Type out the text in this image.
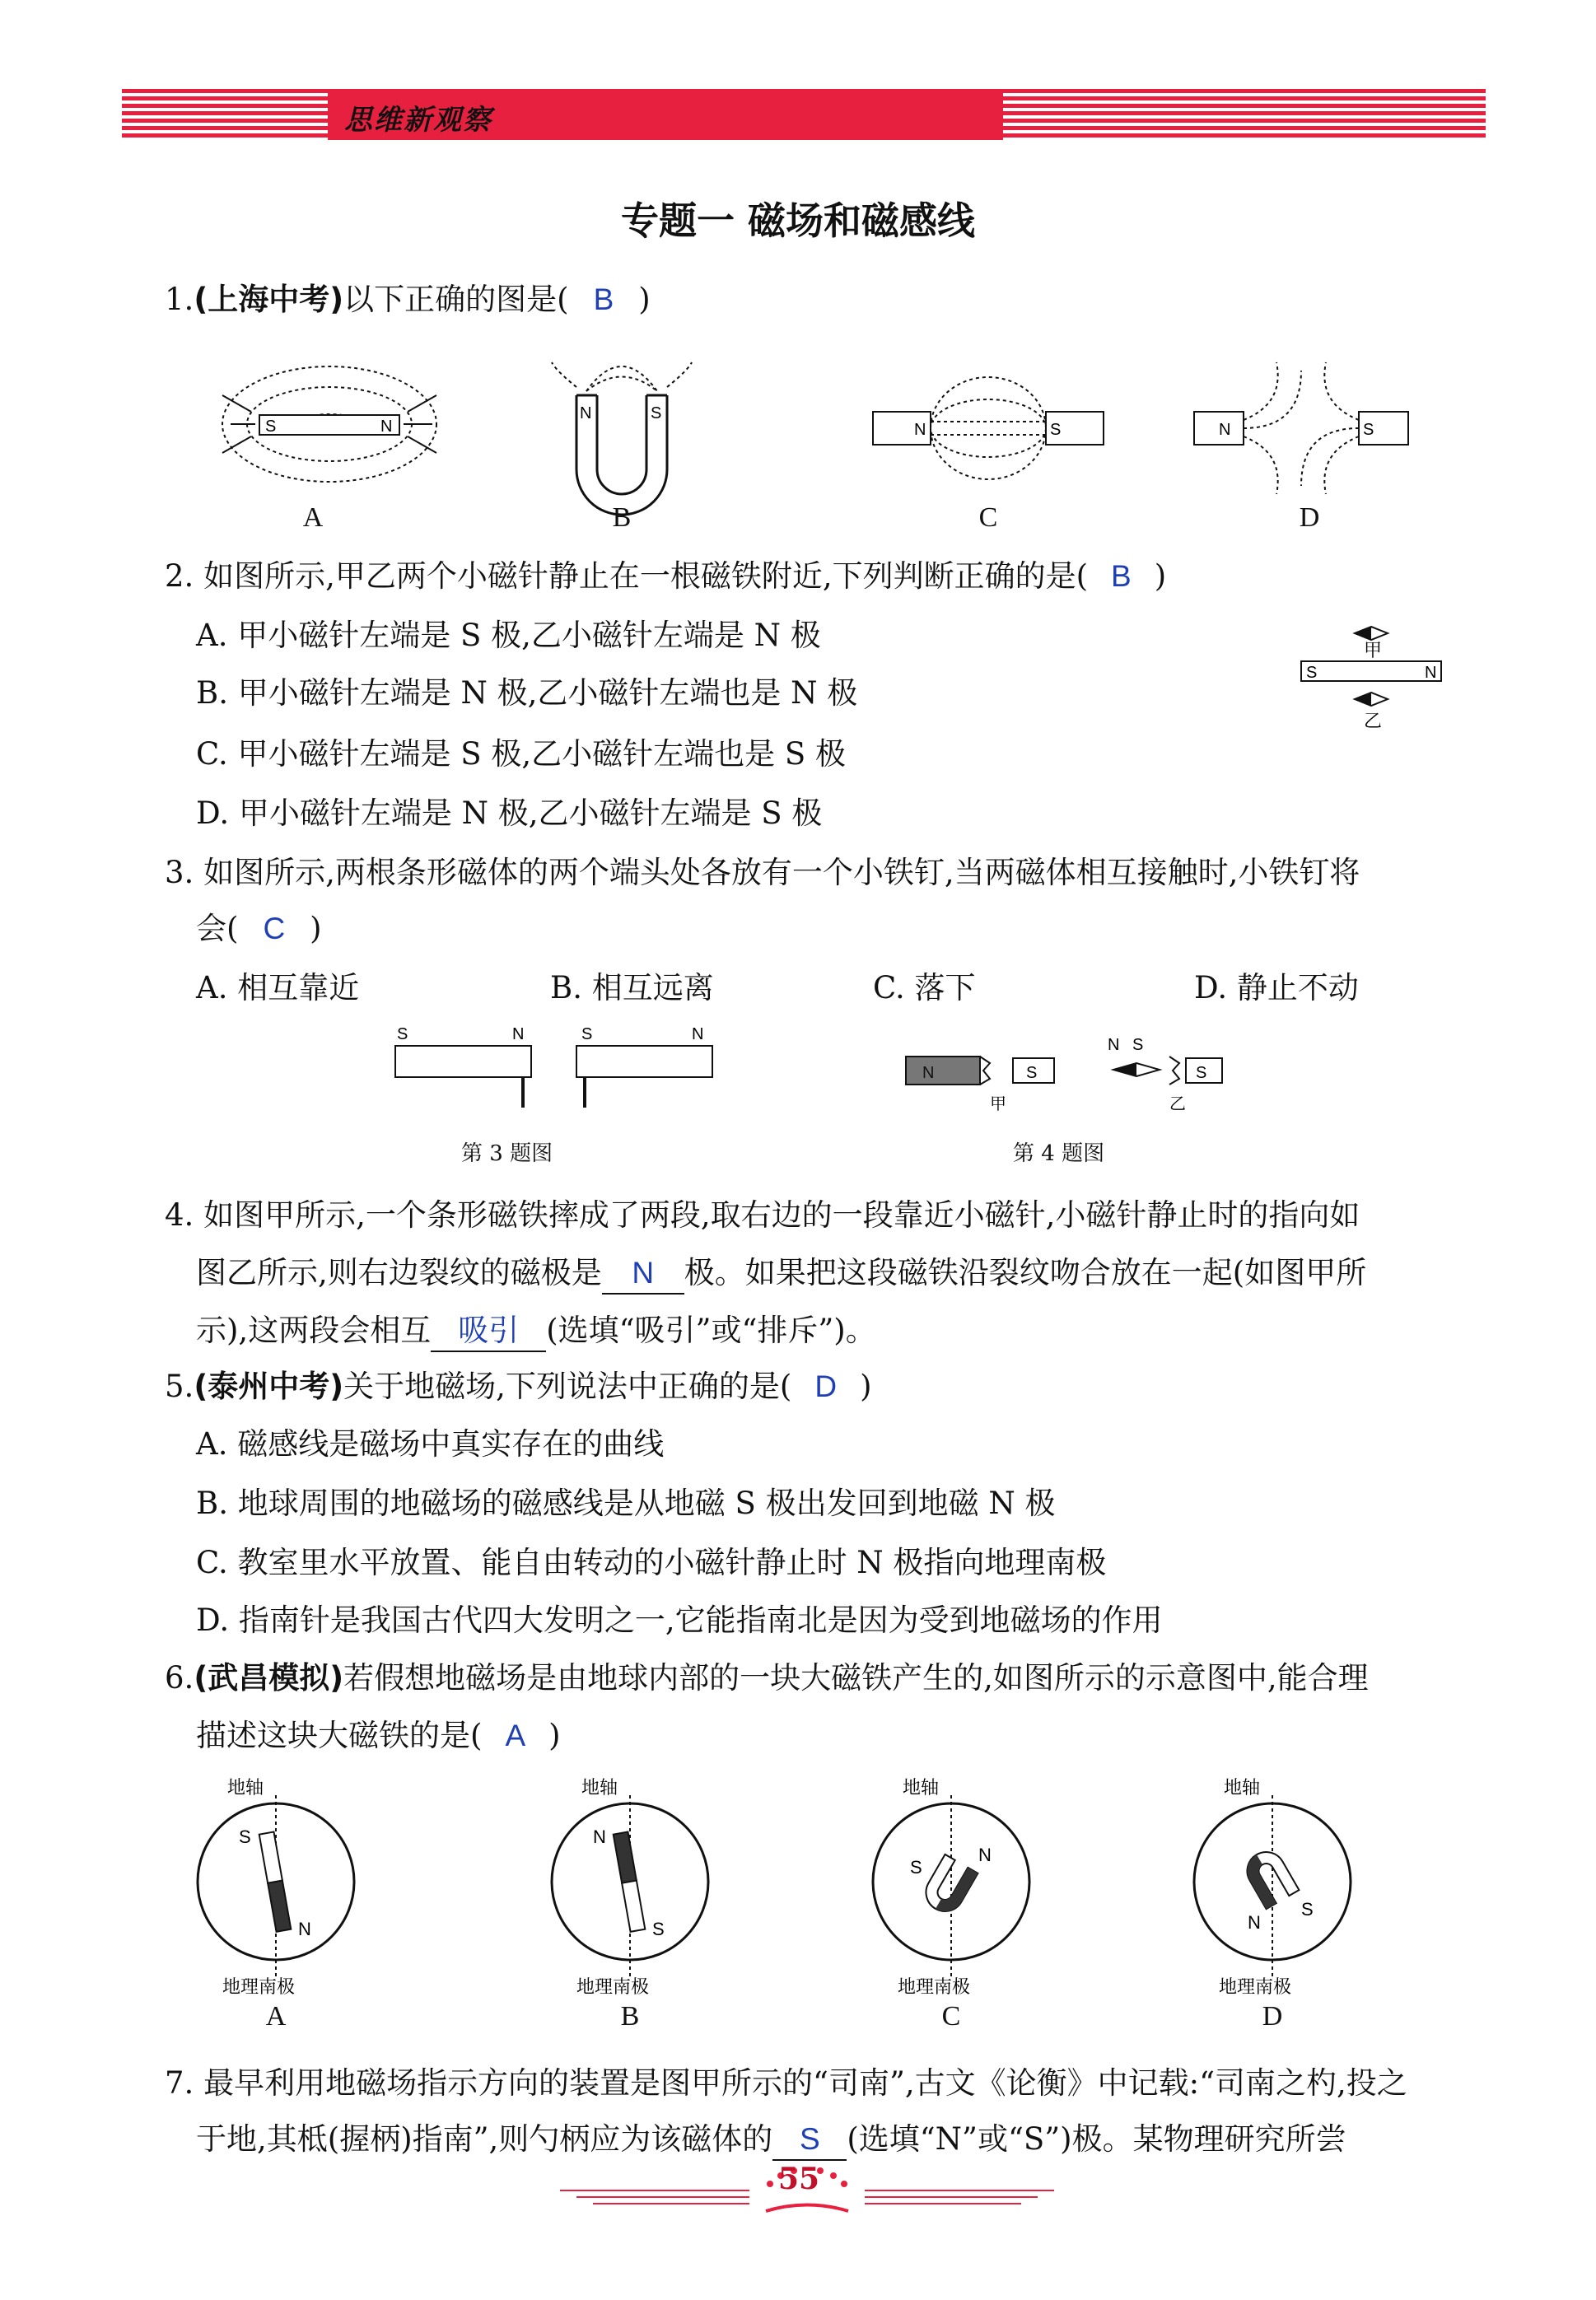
思维新观察
专题一 磁场和磁感线
1.(上海中考)以下正确的图是( B )
S	N
N	S
N	S	N	S
A	B	C	D
2. 如图所示,甲乙两个小磁针静止在一根磁铁附近,下列判断正确的是( B )
A. 甲小磁针左端是 S 极,乙小磁针左端是 N 极
B. 甲小磁针左端是 N 极,乙小磁针左端也是 N 极
C. 甲小磁针左端是 S 极,乙小磁针左端也是 S 极
D. 甲小磁针左端是 N 极,乙小磁针左端是 S 极
甲
S	N
乙
3. 如图所示,两根条形磁体的两个端头处各放有一个小铁钉,当两磁体相互接触时,小铁钉将
会( C )
A. 相互靠近	B. 相互远离	C. 落下	D. 静止不动
S	N	S	N
第 3 题图
N	S
甲
N S
S
乙
第 4 题图
4. 如图甲所示,一个条形磁铁摔成了两段,取右边的一段靠近小磁针,小磁针静止时的指向如
图乙所示,则右边裂纹的磁极是 N 极。如果把这段磁铁沿裂纹吻合放在一起(如图甲所
示),这两段会相互 吸引 (选填“吸引”或“排斥”)。
5.(泰州中考)关于地磁场,下列说法中正确的是( D )
A. 磁感线是磁场中真实存在的曲线
B. 地球周围的地磁场的磁感线是从地磁 S 极出发回到地磁 N 极
C. 教室里水平放置、能自由转动的小磁针静止时 N 极指向地理南极
D. 指南针是我国古代四大发明之一,它能指南北是因为受到地磁场的作用
6.(武昌模拟)若假想地磁场是由地球内部的一块大磁铁产生的,如图所示的示意图中,能合理
描述这块大磁铁的是( A )
地轴
S
N
地理南极
地轴
N
S
地理南极
地轴
S
N
地理南极
地轴
N
S
地理南极
A	B	C	D
7. 最早利用地磁场指示方向的装置是图甲所示的“司南”,古文《论衡》中记载:“司南之杓,投之
于地,其柢(握柄)指南”,则勺柄应为该磁体的 S (选填“N”或“S”)极。某物理研究所尝
55
